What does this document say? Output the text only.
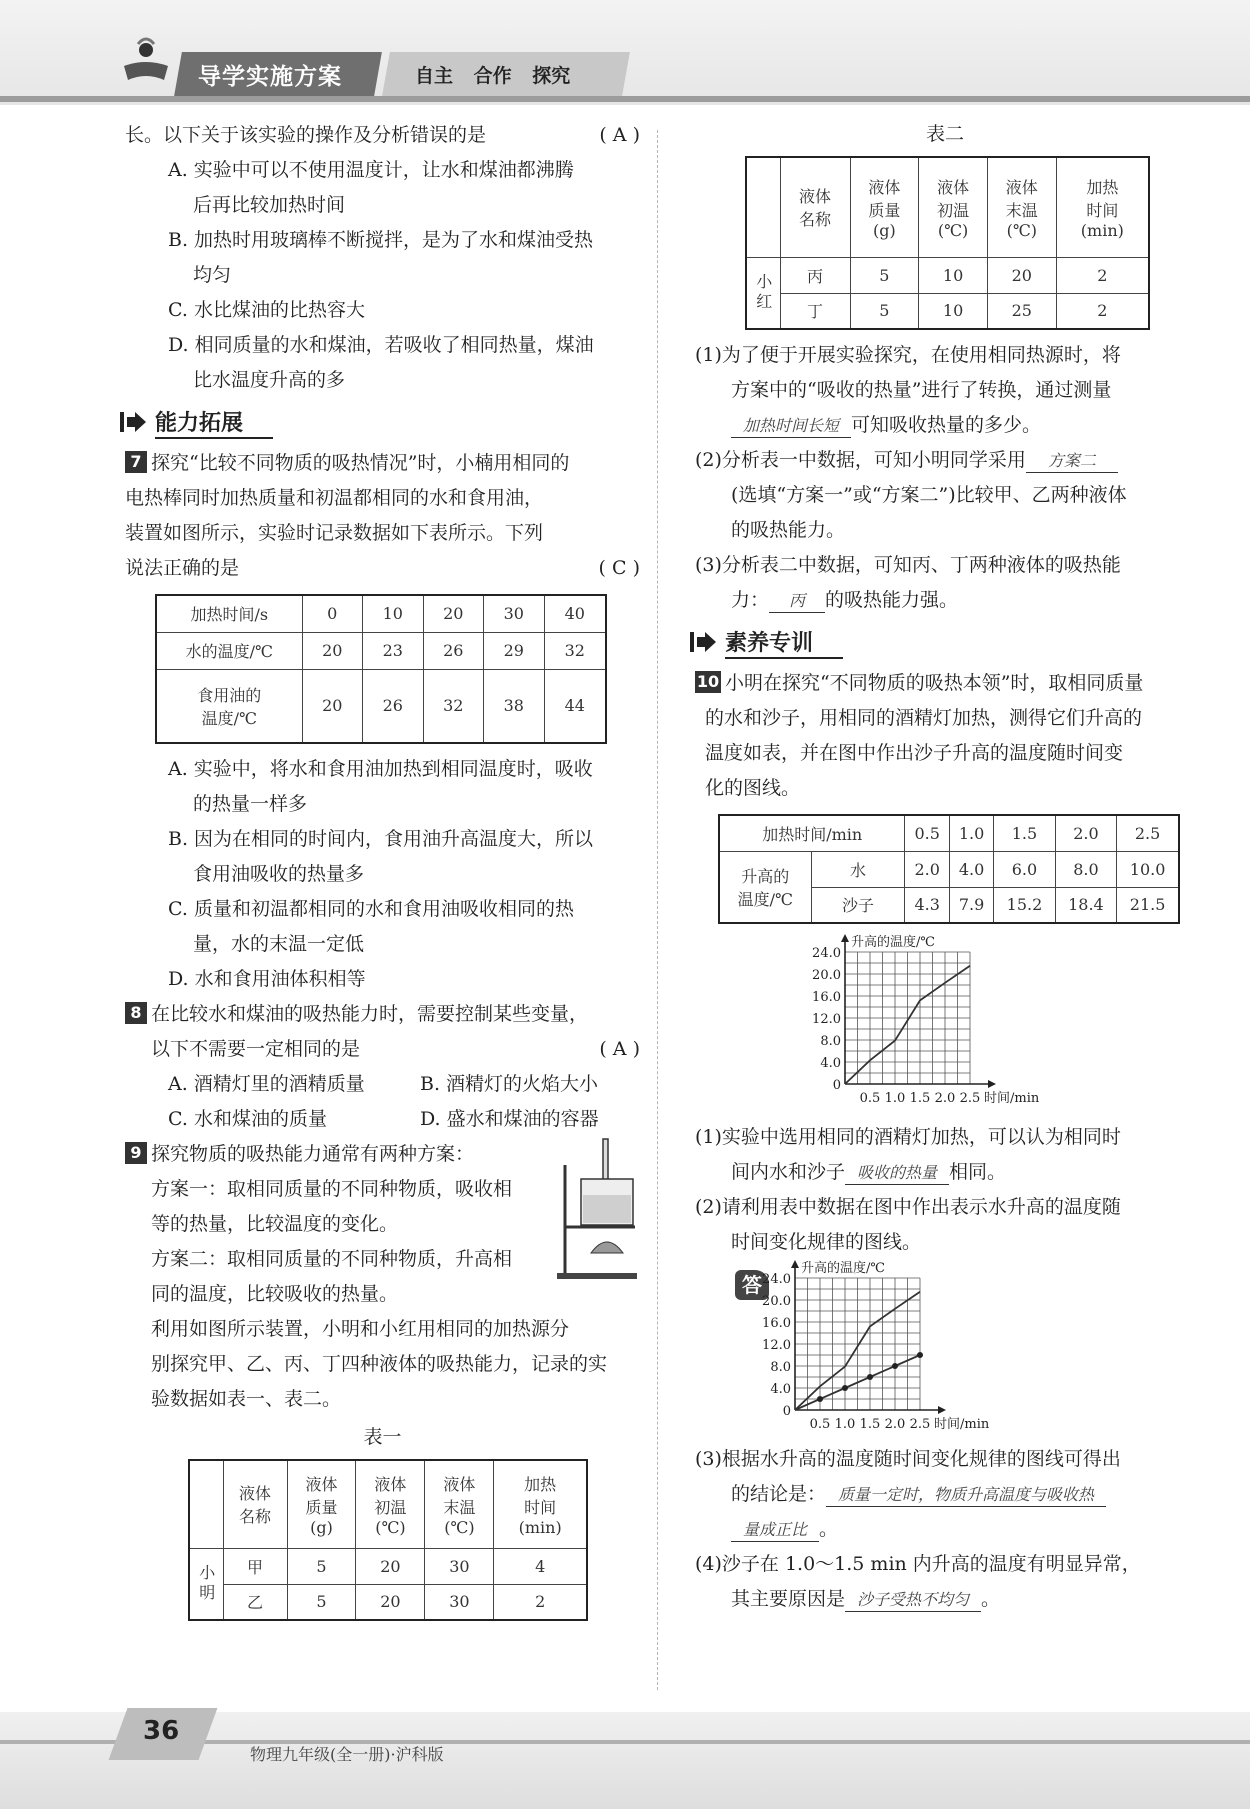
导学实施方案	自主 合作 探究

长。以下关于该实验的操作及分析错误的是	( A )

A. 实验中可以不使用温度计，让水和煤油都沸腾

后再比较加热时间

B. 加热时用玻璃棒不断搅拌，是为了水和煤油受热

均匀

C. 水比煤油的比热容大

D. 相同质量的水和煤油，若吸收了相同热量，煤油

比水温度升高的多

能力拓展

7 探究“比较不同物质的吸热情况”时，小楠用相同的

电热棒同时加热质量和初温都相同的水和食用油，

装置如图所示，实验时记录数据如下表所示。下列

说法正确的是	( C )

加热时间/s	0	10	20	30	40
水的温度/℃	20	23	26	29	32
食用油的
温度/℃	20	26	32	38	44

A. 实验中，将水和食用油加热到相同温度时，吸收

的热量一样多

B. 因为在相同的时间内，食用油升高温度大，所以

食用油吸收的热量多

C. 质量和初温都相同的水和食用油吸收相同的热

量，水的末温一定低

D. 水和食用油体积相等

8 在比较水和煤油的吸热能力时，需要控制某些变量，

以下不需要一定相同的是	( A )

A. 酒精灯里的酒精质量	B. 酒精灯的火焰大小

C. 水和煤油的质量	D. 盛水和煤油的容器

9 探究物质的吸热能力通常有两种方案：

方案一：取相同质量的不同种物质，吸收相

等的热量，比较温度的变化。

方案二：取相同质量的不同种物质，升高相

同的温度，比较吸收的热量。

利用如图所示装置，小明和小红用相同的加热源分

别探究甲、乙、丙、丁四种液体的吸热能力，记录的实

验数据如表一、表二。

表一
	液体
名称	液体
质量
(g)	液体
初温
(℃)	液体
末温
(℃)	加热
时间
(min)
小明	甲	5	20	30	4
	乙	5	20	30	2
表二
	液体
名称	液体
质量
(g)	液体
初温
(℃)	液体
末温
(℃)	加热
时间
(min)
小红	丙	5	10	20	2
	丁	5	10	25	2

(1)为了便于开展实验探究，在使用相同热源时，将

方案中的“吸收的热量”进行了转换，通过测量

加热时间长短 可知吸收热量的多少。

(2)分析表一中数据，可知小明同学采用 方案二

(选填“方案一”或“方案二”)比较甲、乙两种液体

的吸热能力。

(3)分析表二中数据，可知丙、丁两种液体的吸热能

力： 丙 的吸热能力强。

素养专训

10 小明在探究“不同物质的吸热本领”时，取相同质量

的水和沙子，用相同的酒精灯加热，测得它们升高的

温度如表，并在图中作出沙子升高的温度随时间变

化的图线。

加热时间/min		0.5	1.0	1.5	2.0	2.5
升高的
温度/℃	水	2.0	4.0	6.0	8.0	10.0
	沙子	4.3	7.9	15.2	18.4	21.5
4.0
8.0
12.0
16.0
20.0
24.0
0
0.5 1.0 1.5 2.0 2.5
升高的温度/℃
时间/min

(1)实验中选用相同的酒精灯加热，可以认为相同时

间内水和沙子 吸收的热量 相同。

(2)请利用表中数据在图中作出表示水升高的温度随

时间变化规律的图线。

答
4.0
8.0
12.0
16.0
20.0
24.0
0
0.5 1.0 1.5 2.0 2.5
升高的温度/℃
时间/min

(3)根据水升高的温度随时间变化规律的图线可得出

的结论是： 质量一定时，物质升高温度与吸收热

量成正比 。

(4)沙子在 1.0～1.5 min 内升高的温度有明显异常，

其主要原因是 沙子受热不均匀 。

36
物理九年级(全一册)·沪科版
